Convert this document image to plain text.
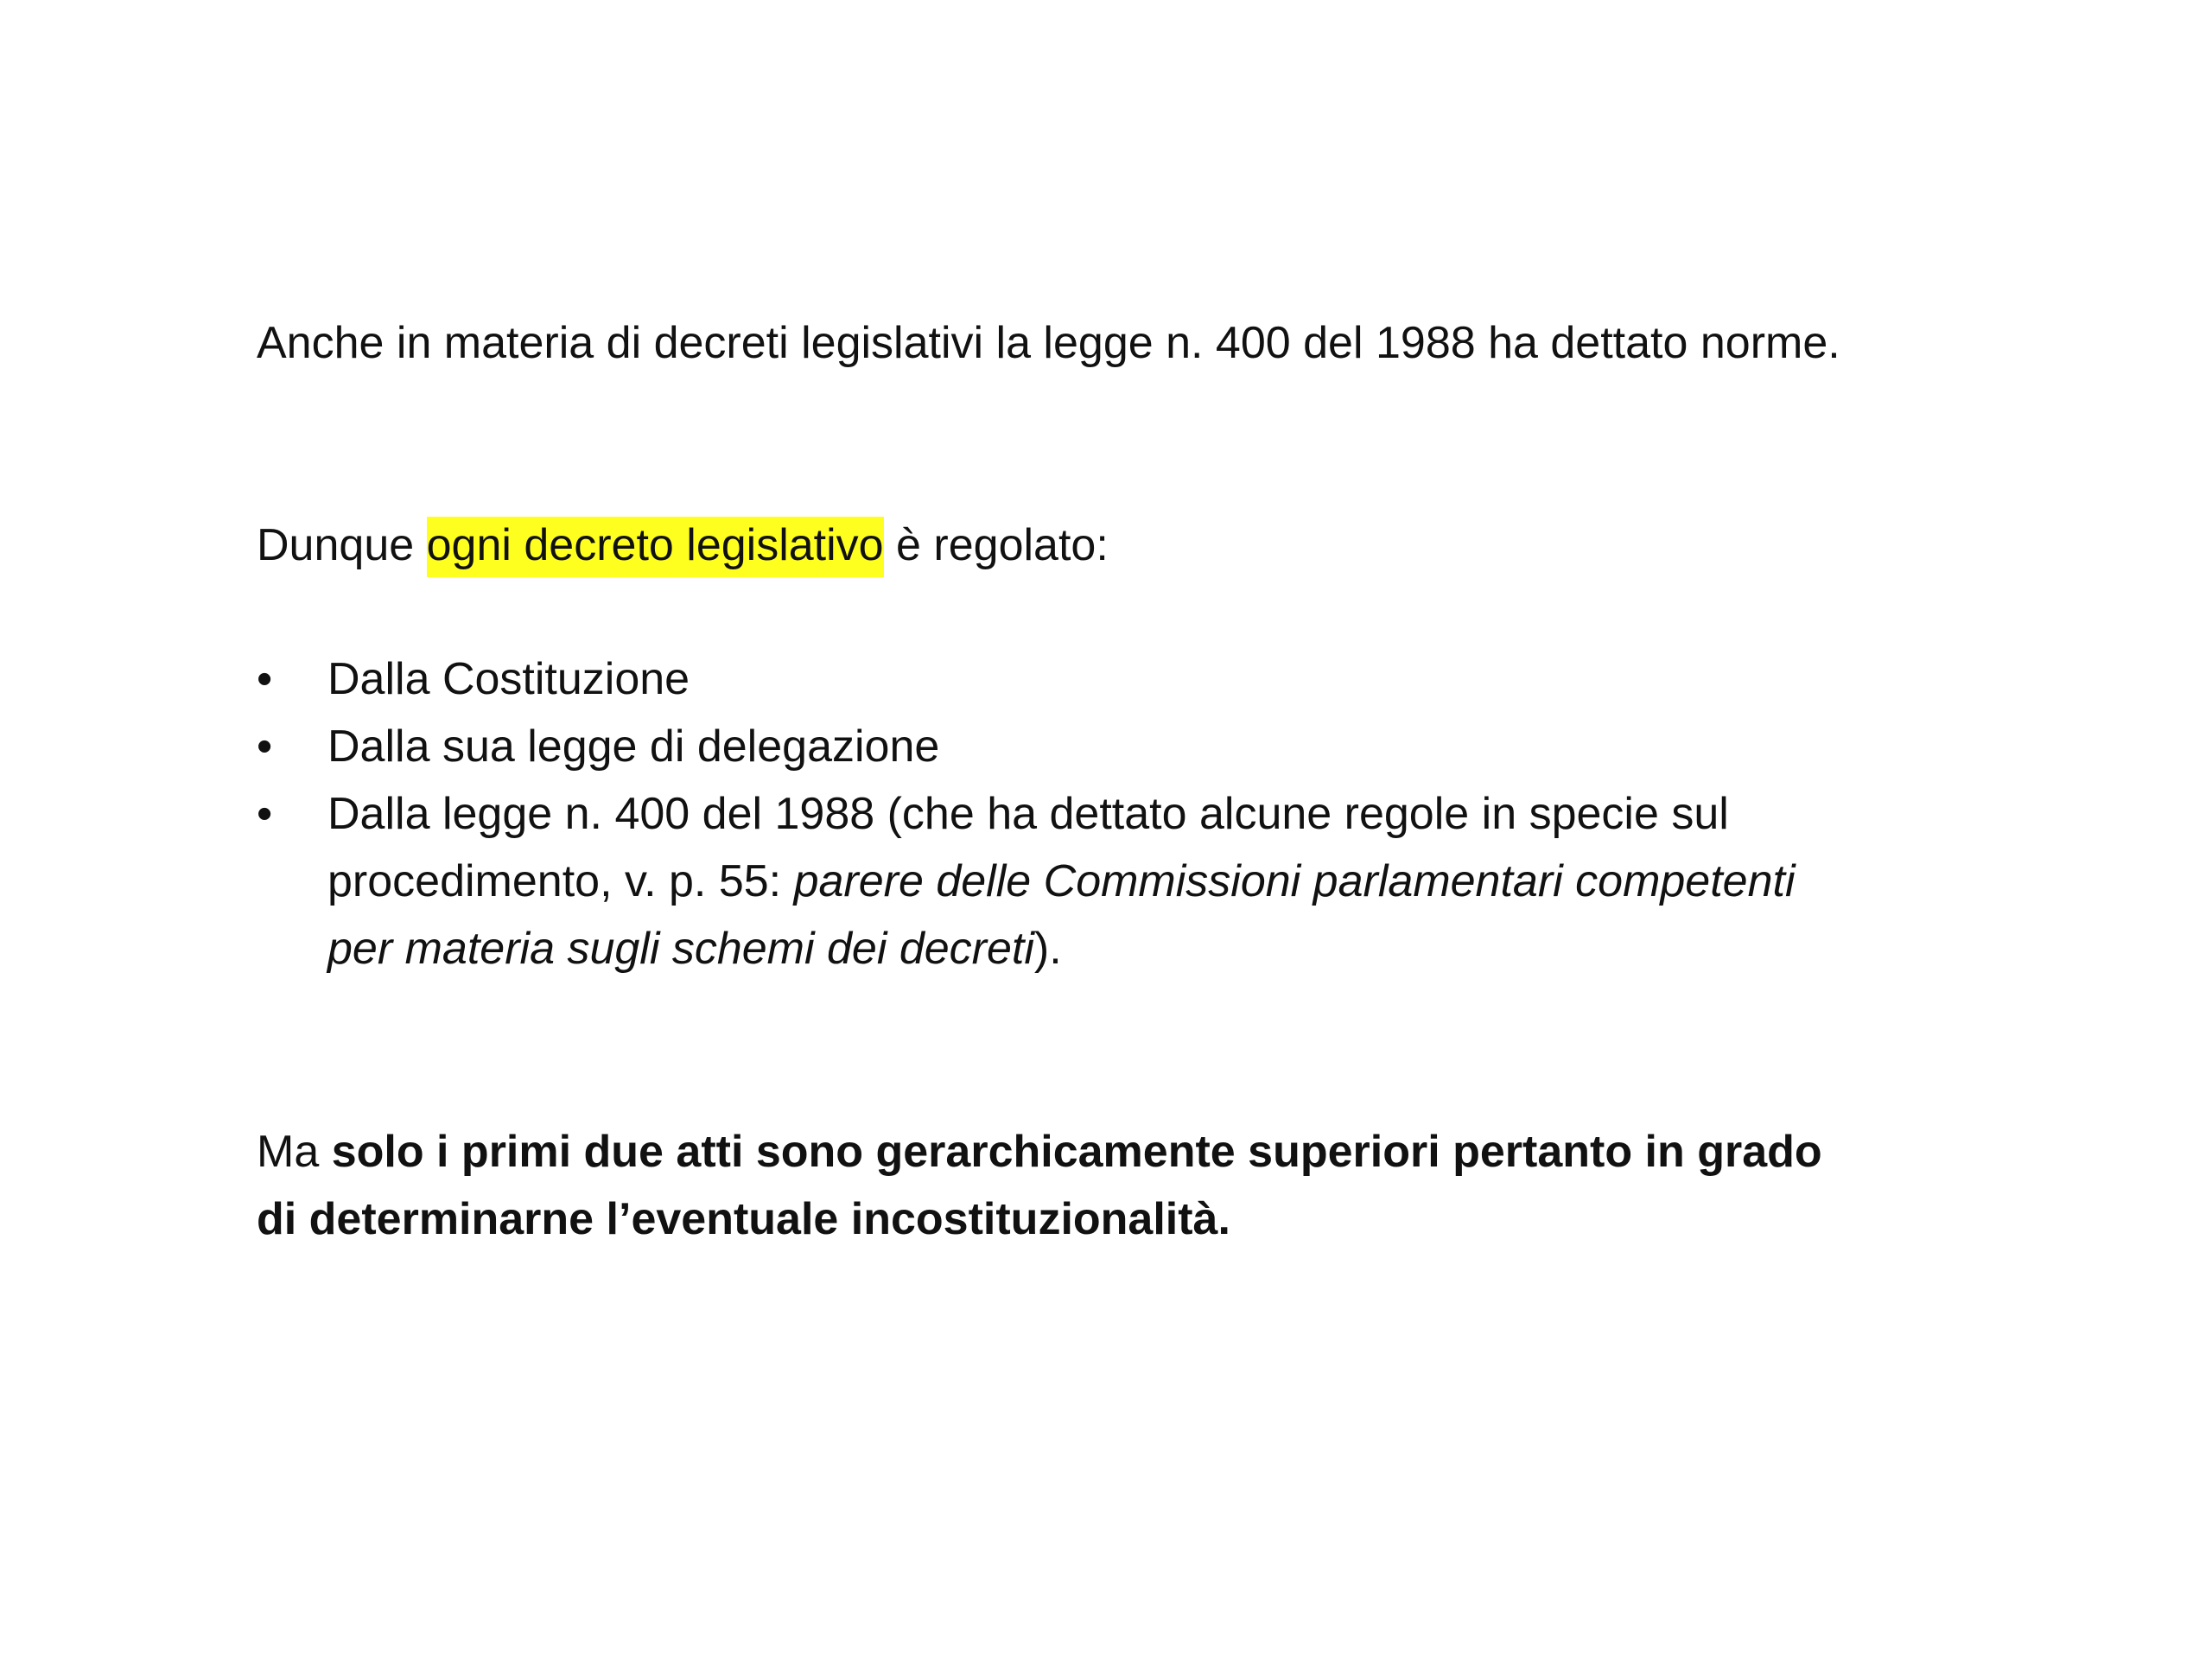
Anche in materia di decreti legislativi la legge n. 400 del 1988 ha dettato norme.

Dunque ogni decreto legislativo è regolato:

• Dalla Costituzione
• Dalla sua legge di delegazione
• Dalla legge n. 400 del 1988 (che ha dettato alcune regole in specie sul procedimento, v. p. 55: parere delle Commissioni parlamentari competenti per materia sugli schemi dei decreti).

Ma solo i primi due atti sono gerarchicamente superiori pertanto in grado di determinarne l’eventuale incostituzionalità.
